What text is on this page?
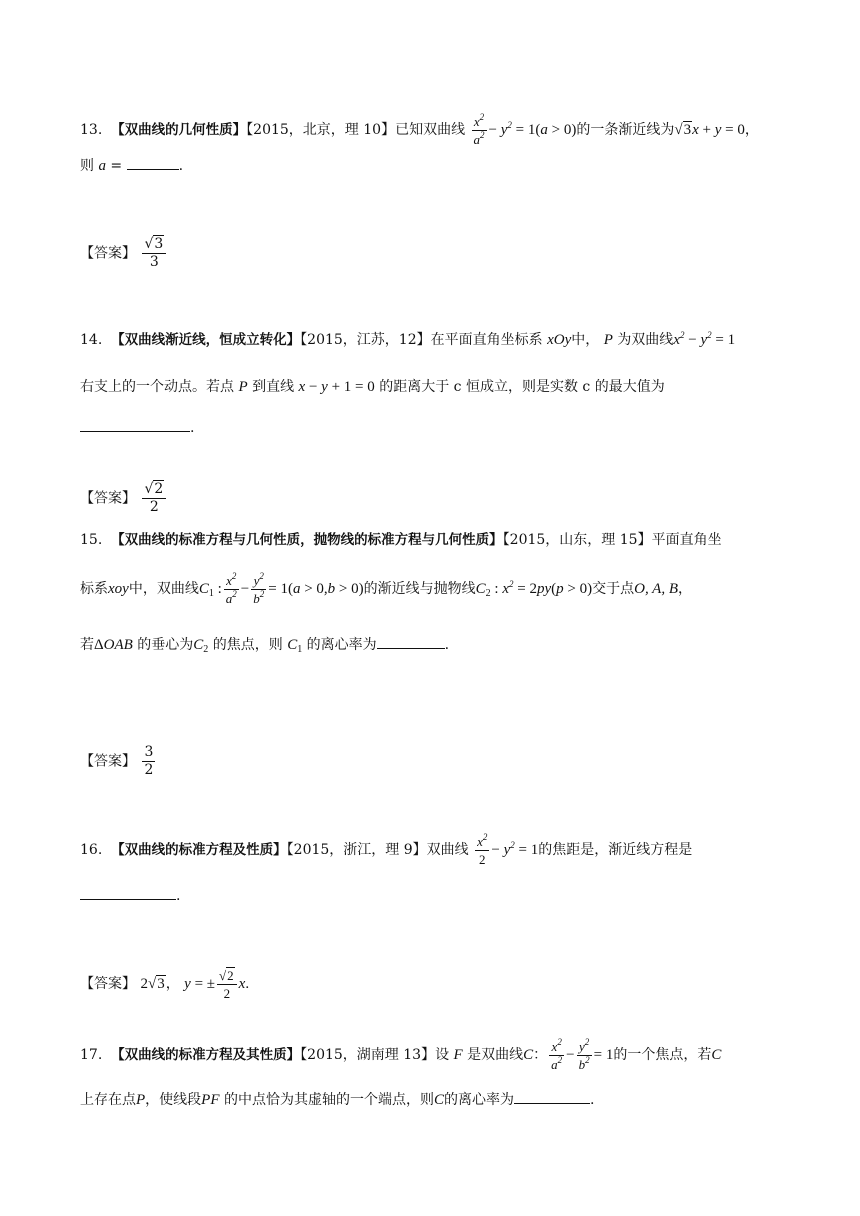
13. 【双曲线的几何性质】【2015，北京，理 10】已知双曲线 $\frac{x^2}{a^2} - y^2 = 1(a > 0)$的一条渐近线为√3x + y = 0，
则 a =	.
【答案】 $\frac{√3}{3}$
14. 【双曲线渐近线，恒成立转化】【2015，江苏，12】在平面直角坐标系 xOy中， P 为双曲线$x^2 - y^2 = 1$
右支上的一个动点。若点 P 到直线 x − y + 1 = 0 的距离大于 c 恒成立，则是实数 c 的最大值为
.
【答案】 $\frac{√2}{2}$
15. 【双曲线的标准方程与几何性质，抛物线的标准方程与几何性质】【2015，山东，理 15】平面直角坐
标系xoy中，双曲线$C_1$ : $\frac{x^2}{a^2} - \frac{y^2}{b^2} = 1(a > 0,b > 0)$的渐近线与抛物线$C_2$ : $x^2 = 2py(p > 0)$交于点O, A, B，
若ΔOAB 的垂心为$C_2$ 的焦点，则 $C_1$ 的离心率为	.
【答案】 $\frac{3}{2}$
16. 【双曲线的标准方程及性质】【2015，浙江，理 9】双曲线 $\frac{x^2}{2} - y^2 = 1$的焦距是，渐近线方程是
.
【答案】 2√3， y = ± $\frac{√2}{2} x$.
17. 【双曲线的标准方程及其性质】【2015，湖南理 13】设 F 是双曲线C： $\frac{x^2}{a^2} - \frac{y^2}{b^2} = 1$的一个焦点，若C
上存在点P，使线段PF 的中点恰为其虚轴的一个端点，则C的离心率为	.
